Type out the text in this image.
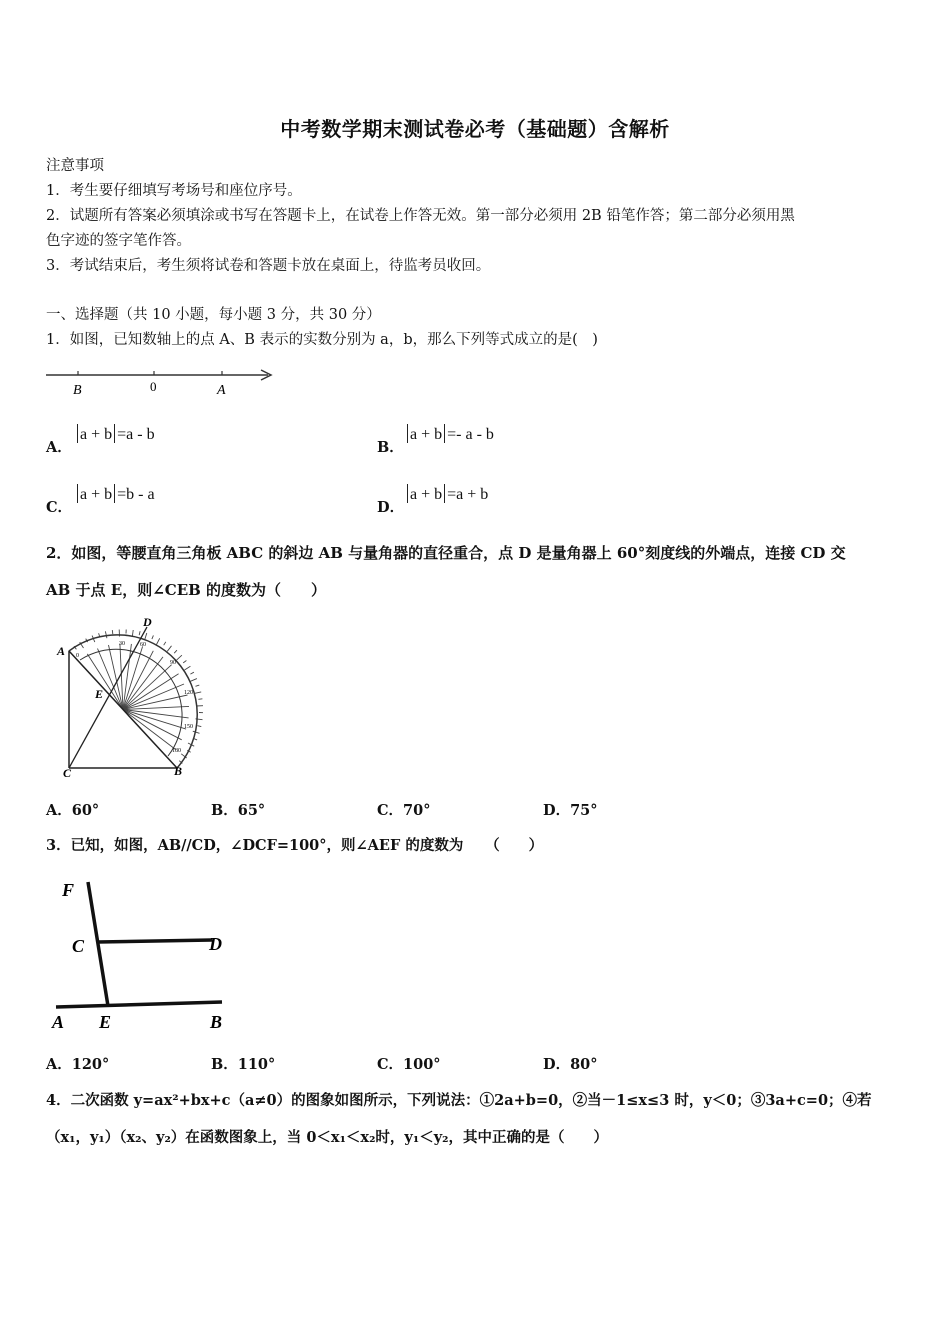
中考数学期末测试卷必考（基础题）含解析
注意事项
1．考生要仔细填写考场号和座位序号。
2．试题所有答案必须填涂或书写在答题卡上，在试卷上作答无效。第一部分必须用 2B 铅笔作答；第二部分必须用黑
色字迹的签字笔作答。
3．考试结束后，考生须将试卷和答题卡放在桌面上，待监考员收回。
一、选择题（共 10 小题，每小题 3 分，共 30 分）
1．如图，已知数轴上的点 A、B 表示的实数分别为 a，b，那么下列等式成立的是(　)
B	0	A
A．
a + b =a - b
B．
a + b =- a - b
C．
a + b =b - a
D．
a + b =a + b
2．如图，等腰直角三角板 ABC 的斜边 AB 与量角器的直径重合，点 D 是量角器上 60°刻度线的外端点，连接 CD 交
AB 于点 E，则∠CEB 的度数为（　　）
A
B
C
D
E
0
30	60
90
120
150
180
A．60°	B．65°	C．70°	D．75°
3．已知，如图，AB//CD，∠DCF=100°，则∠AEF 的度数为　　（　　）
F
C	D
A E	B
A．120°	B．110°	C．100°	D．80°
4．二次函数 y=ax²+bx+c（a≠0）的图象如图所示，下列说法：①2a+b=0，②当－1≤x≤3 时，y＜0；③3a+c=0；④若
（x₁，y₁）（x₂、y₂）在函数图象上，当 0＜x₁＜x₂时，y₁＜y₂，其中正确的是（　　）
